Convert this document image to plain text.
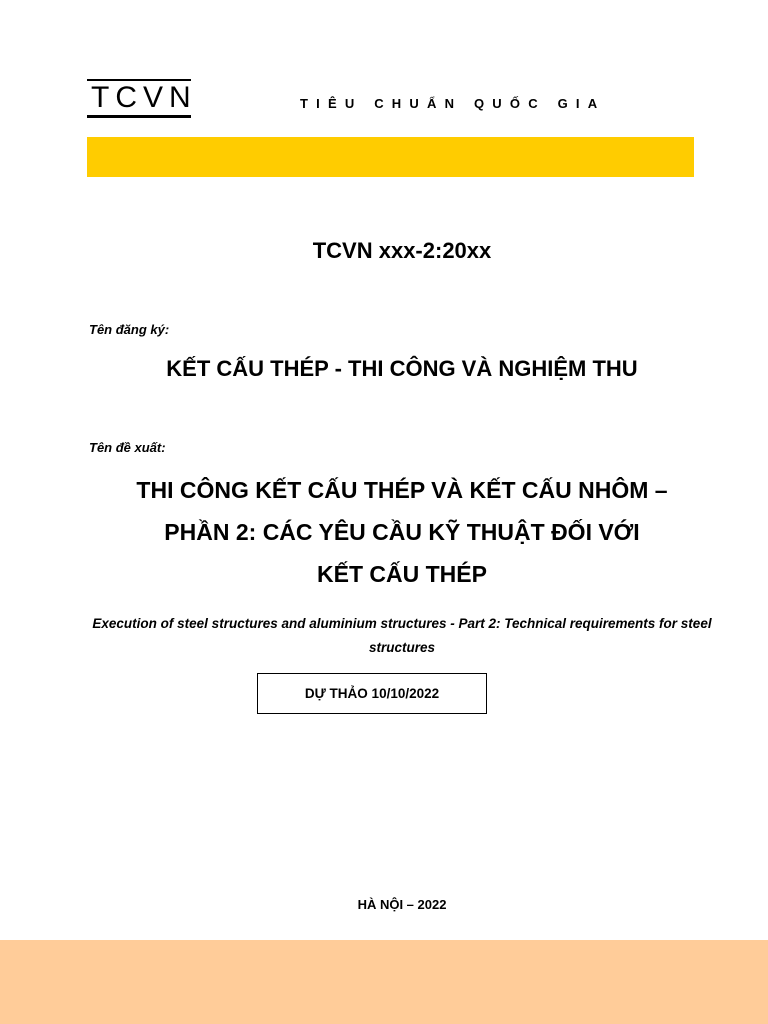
TCVN	TIÊU CHUẨN QUỐC GIA
TCVN xxx-2:20xx
Tên đăng ký:
KẾT CẤU THÉP - THI CÔNG VÀ NGHIỆM THU
Tên đề xuất:
THI CÔNG KẾT CẤU THÉP VÀ KẾT CẤU NHÔM –
PHẦN 2: CÁC YÊU CẦU KỸ THUẬT ĐỐI VỚI
KẾT CẤU THÉP
Execution of steel structures and aluminium structures - Part 2: Technical requirements for steel structures
DỰ THẢO 10/10/2022
HÀ NỘI – 2022
